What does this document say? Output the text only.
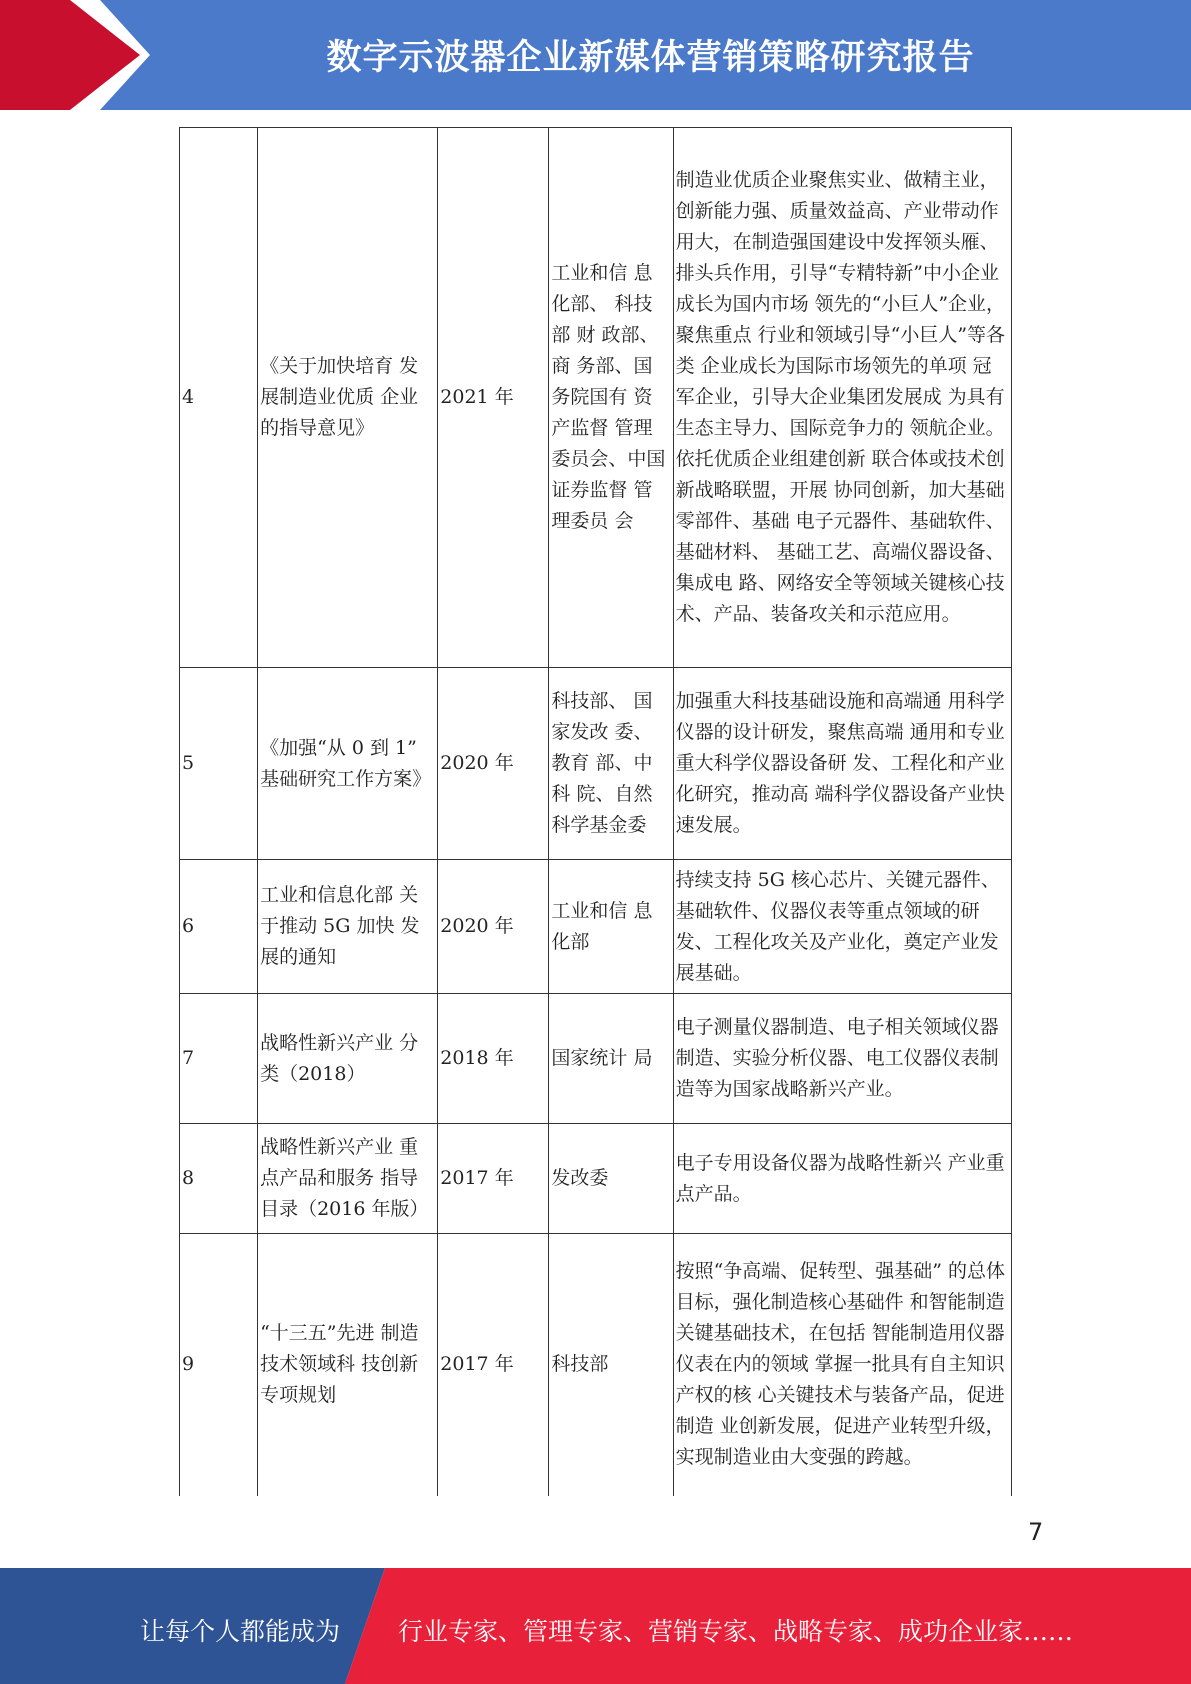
数字示波器企业新媒体营销策略研究报告
4	《关于加快培育 发展制造业优质 企业的指导意见》	2021 年	工业和信 息化部、 科技部 财 政部、商 务部、国 务院国有 资产监督 管理委员会、中国 证券监督 管理委员 会	制造业优质企业聚焦实业、做精主业，创新能力强、质量效益高、产业带动作用大，在制造强国建设中发挥领头雁、排头兵作用，引导“专精特新”中小企业成长为国内市场 领先的“小巨人”企业，聚焦重点 行业和领域引导“小巨人”等各类 企业成长为国际市场领先的单项 冠军企业，引导大企业集团发展成 为具有生态主导力、国际竞争力的 领航企业。依托优质企业组建创新 联合体或技术创新战略联盟，开展 协同创新，加大基础零部件、基础 电子元器件、基础软件、基础材料、 基础工艺、高端仪器设备、集成电 路、网络安全等领域关键核心技 术、产品、装备攻关和示范应用。
5	《加强“从 0 到 1” 基础研究工作方案》	2020 年	科技部、 国家发改 委、教育 部、中科 院、自然科学基金委	加强重大科技基础设施和高端通 用科学仪器的设计研发，聚焦高端 通用和专业重大科学仪器设备研 发、工程化和产业化研究，推动高 端科学仪器设备产业快速发展。
6	工业和信息化部 关于推动 5G 加快 发展的通知	2020 年	工业和信 息化部	持续支持 5G 核心芯片、关键元器件、基础软件、仪器仪表等重点领域的研发、工程化攻关及产业化，奠定产业发展基础。
7	战略性新兴产业 分类（2018）	2018 年	国家统计 局	电子测量仪器制造、电子相关领域仪器制造、实验分析仪器、电工仪器仪表制造等为国家战略新兴产业。
8	战略性新兴产业 重点产品和服务 指导目录（2016 年版）	2017 年	发改委	电子专用设备仪器为战略性新兴 产业重点产品。
9	“十三五”先进 制造技术领域科 技创新专项规划	2017 年	科技部	按照“争高端、促转型、强基础” 的总体目标，强化制造核心基础件 和智能制造关键基础技术，在包括 智能制造用仪器仪表在内的领域 掌握一批具有自主知识产权的核 心关键技术与装备产品，促进制造 业创新发展，促进产业转型升级， 实现制造业由大变强的跨越。
7
让每个人都能成为 行业专家、管理专家、营销专家、战略专家、成功企业家……
